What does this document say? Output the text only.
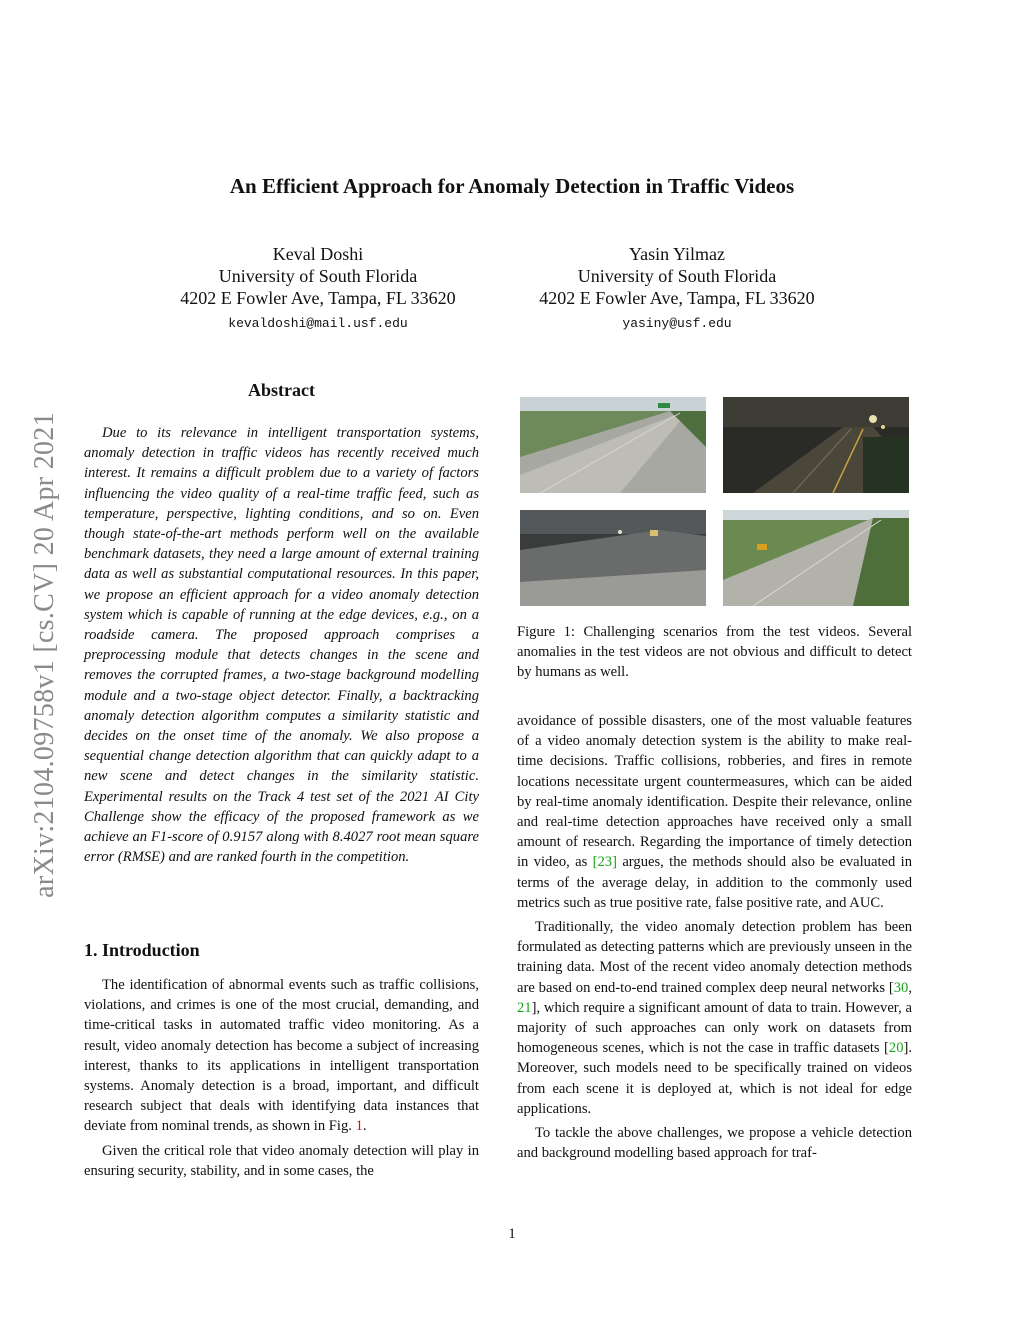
arXiv:2104.09758v1 [cs.CV] 20 Apr 2021
An Efficient Approach for Anomaly Detection in Traffic Videos
Keval Doshi
University of South Florida
4202 E Fowler Ave, Tampa, FL 33620
kevaldoshi@mail.usf.edu
Yasin Yilmaz
University of South Florida
4202 E Fowler Ave, Tampa, FL 33620
yasiny@usf.edu
Abstract

Due to its relevance in intelligent transportation systems, anomaly detection in traffic videos has recently received much interest. It remains a difficult problem due to a variety of factors influencing the video quality of a real-time traffic feed, such as temperature, perspective, lighting conditions, and so on. Even though state-of-the-art methods perform well on the available benchmark datasets, they need a large amount of external training data as well as substantial computational resources. In this paper, we propose an efficient approach for a video anomaly detection system which is capable of running at the edge devices, e.g., on a roadside camera. The proposed approach comprises a preprocessing module that detects changes in the scene and removes the corrupted frames, a two-stage background modelling module and a two-stage object detector. Finally, a backtracking anomaly detection algorithm computes a similarity statistic and decides on the onset time of the anomaly. We also propose a sequential change detection algorithm that can quickly adapt to a new scene and detect changes in the similarity statistic. Experimental results on the Track 4 test set of the 2021 AI City Challenge show the efficacy of the proposed framework as we achieve an F1-score of 0.9157 along with 8.4027 root mean square error (RMSE) and are ranked fourth in the competition.

1. Introduction

The identification of abnormal events such as traffic collisions, violations, and crimes is one of the most crucial, demanding, and time-critical tasks in automated traffic video monitoring. As a result, video anomaly detection has become a subject of increasing interest, thanks to its applications in intelligent transportation systems. Anomaly detection is a broad, important, and difficult research subject that deals with identifying data instances that deviate from nominal trends, as shown in Fig. 1.

Given the critical role that video anomaly detection will play in ensuring security, stability, and in some cases, the

Figure 1: Challenging scenarios from the test videos. Several anomalies in the test videos are not obvious and difficult to detect by humans as well.

avoidance of possible disasters, one of the most valuable features of a video anomaly detection system is the ability to make real-time decisions. Traffic collisions, robberies, and fires in remote locations necessitate urgent countermeasures, which can be aided by real-time anomaly identification. Despite their relevance, online and real-time detection approaches have received only a small amount of research. Regarding the importance of timely detection in video, as [23] argues, the methods should also be evaluated in terms of the average delay, in addition to the commonly used metrics such as true positive rate, false positive rate, and AUC.

Traditionally, the video anomaly detection problem has been formulated as detecting patterns which are previously unseen in the training data. Most of the recent video anomaly detection methods are based on end-to-end trained complex deep neural networks [30, 21], which require a significant amount of data to train. However, a majority of such approaches can only work on datasets from homogeneous scenes, which is not the case in traffic datasets [20]. Moreover, such models need to be specifically trained on videos from each scene it is deployed at, which is not ideal for edge applications.

To tackle the above challenges, we propose a vehicle detection and background modelling based approach for traf-

1
